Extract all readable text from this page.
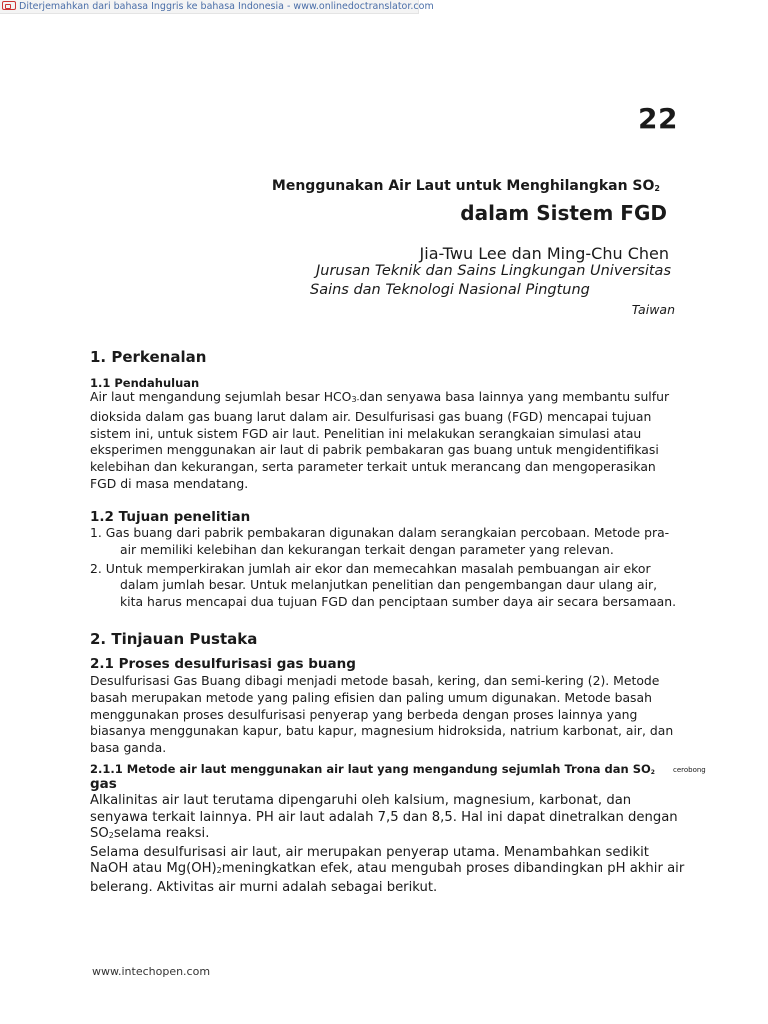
Diterjemahkan dari bahasa Inggris ke bahasa Indonesia - www.onlinedoctranslator.com
22
Menggunakan Air Laut untuk Menghilangkan $SO_2$
dalam Sistem FGD
Jia-Twu Lee dan Ming-Chu Chen
Jurusan Teknik dan Sains Lingkungan Universitas
Sains dan Teknologi Nasional Pingtung
Taiwan
1. Perkenalan
1.1 Pendahuluan

Air laut mengandung sejumlah besar HCO3-dan senyawa basa lainnya yang membantu sulfur dioksida dalam gas buang larut dalam air. Desulfurisasi gas buang (FGD) mencapai tujuan sistem ini, untuk sistem FGD air laut. Penelitian ini melakukan serangkaian simulasi atau eksperimen menggunakan air laut di pabrik pembakaran gas buang untuk mengidentifikasi kelebihan dan kekurangan, serta parameter terkait untuk merancang dan mengoperasikan FGD di masa mendatang.

1.2 Tujuan penelitian
1. Gas buang dari pabrik pembakaran digunakan dalam serangkaian percobaan. Metode pra-air memiliki kelebihan dan kekurangan terkait dengan parameter yang relevan.
2. Untuk memperkirakan jumlah air ekor dan memecahkan masalah pembuangan air ekor dalam jumlah besar. Untuk melanjutkan penelitian dan pengembangan daur ulang air, kita harus mencapai dua tujuan FGD dan penciptaan sumber daya air secara bersamaan.
2. Tinjauan Pustaka
2.1 Proses desulfurisasi gas buang
Desulfurisasi Gas Buang dibagi menjadi metode basah, kering, dan semi-kering (2). Metode basah merupakan metode yang paling efisien dan paling umum digunakan. Metode basah menggunakan proses desulfurisasi penyerap yang berbeda dengan proses lainnya yang biasanya menggunakan kapur, batu kapur, magnesium hidroksida, natrium karbonat, air, dan basa ganda.
2.1.1 Metode air laut menggunakan air laut yang mengandung sejumlah Trona dan SO2	cerobong
gas

Alkalinitas air laut terutama dipengaruhi oleh kalsium, magnesium, karbonat, dan senyawa terkait lainnya. PH air laut adalah 7,5 dan 8,5. Hal ini dapat dinetralkan dengan SO2selama reaksi.

Selama desulfurisasi air laut, air merupakan penyerap utama. Menambahkan sedikit NaOH atau Mg(OH)2meningkatkan efek, atau mengubah proses dibandingkan pH akhir air belerang. Aktivitas air murni adalah sebagai berikut.

www.intechopen.com
